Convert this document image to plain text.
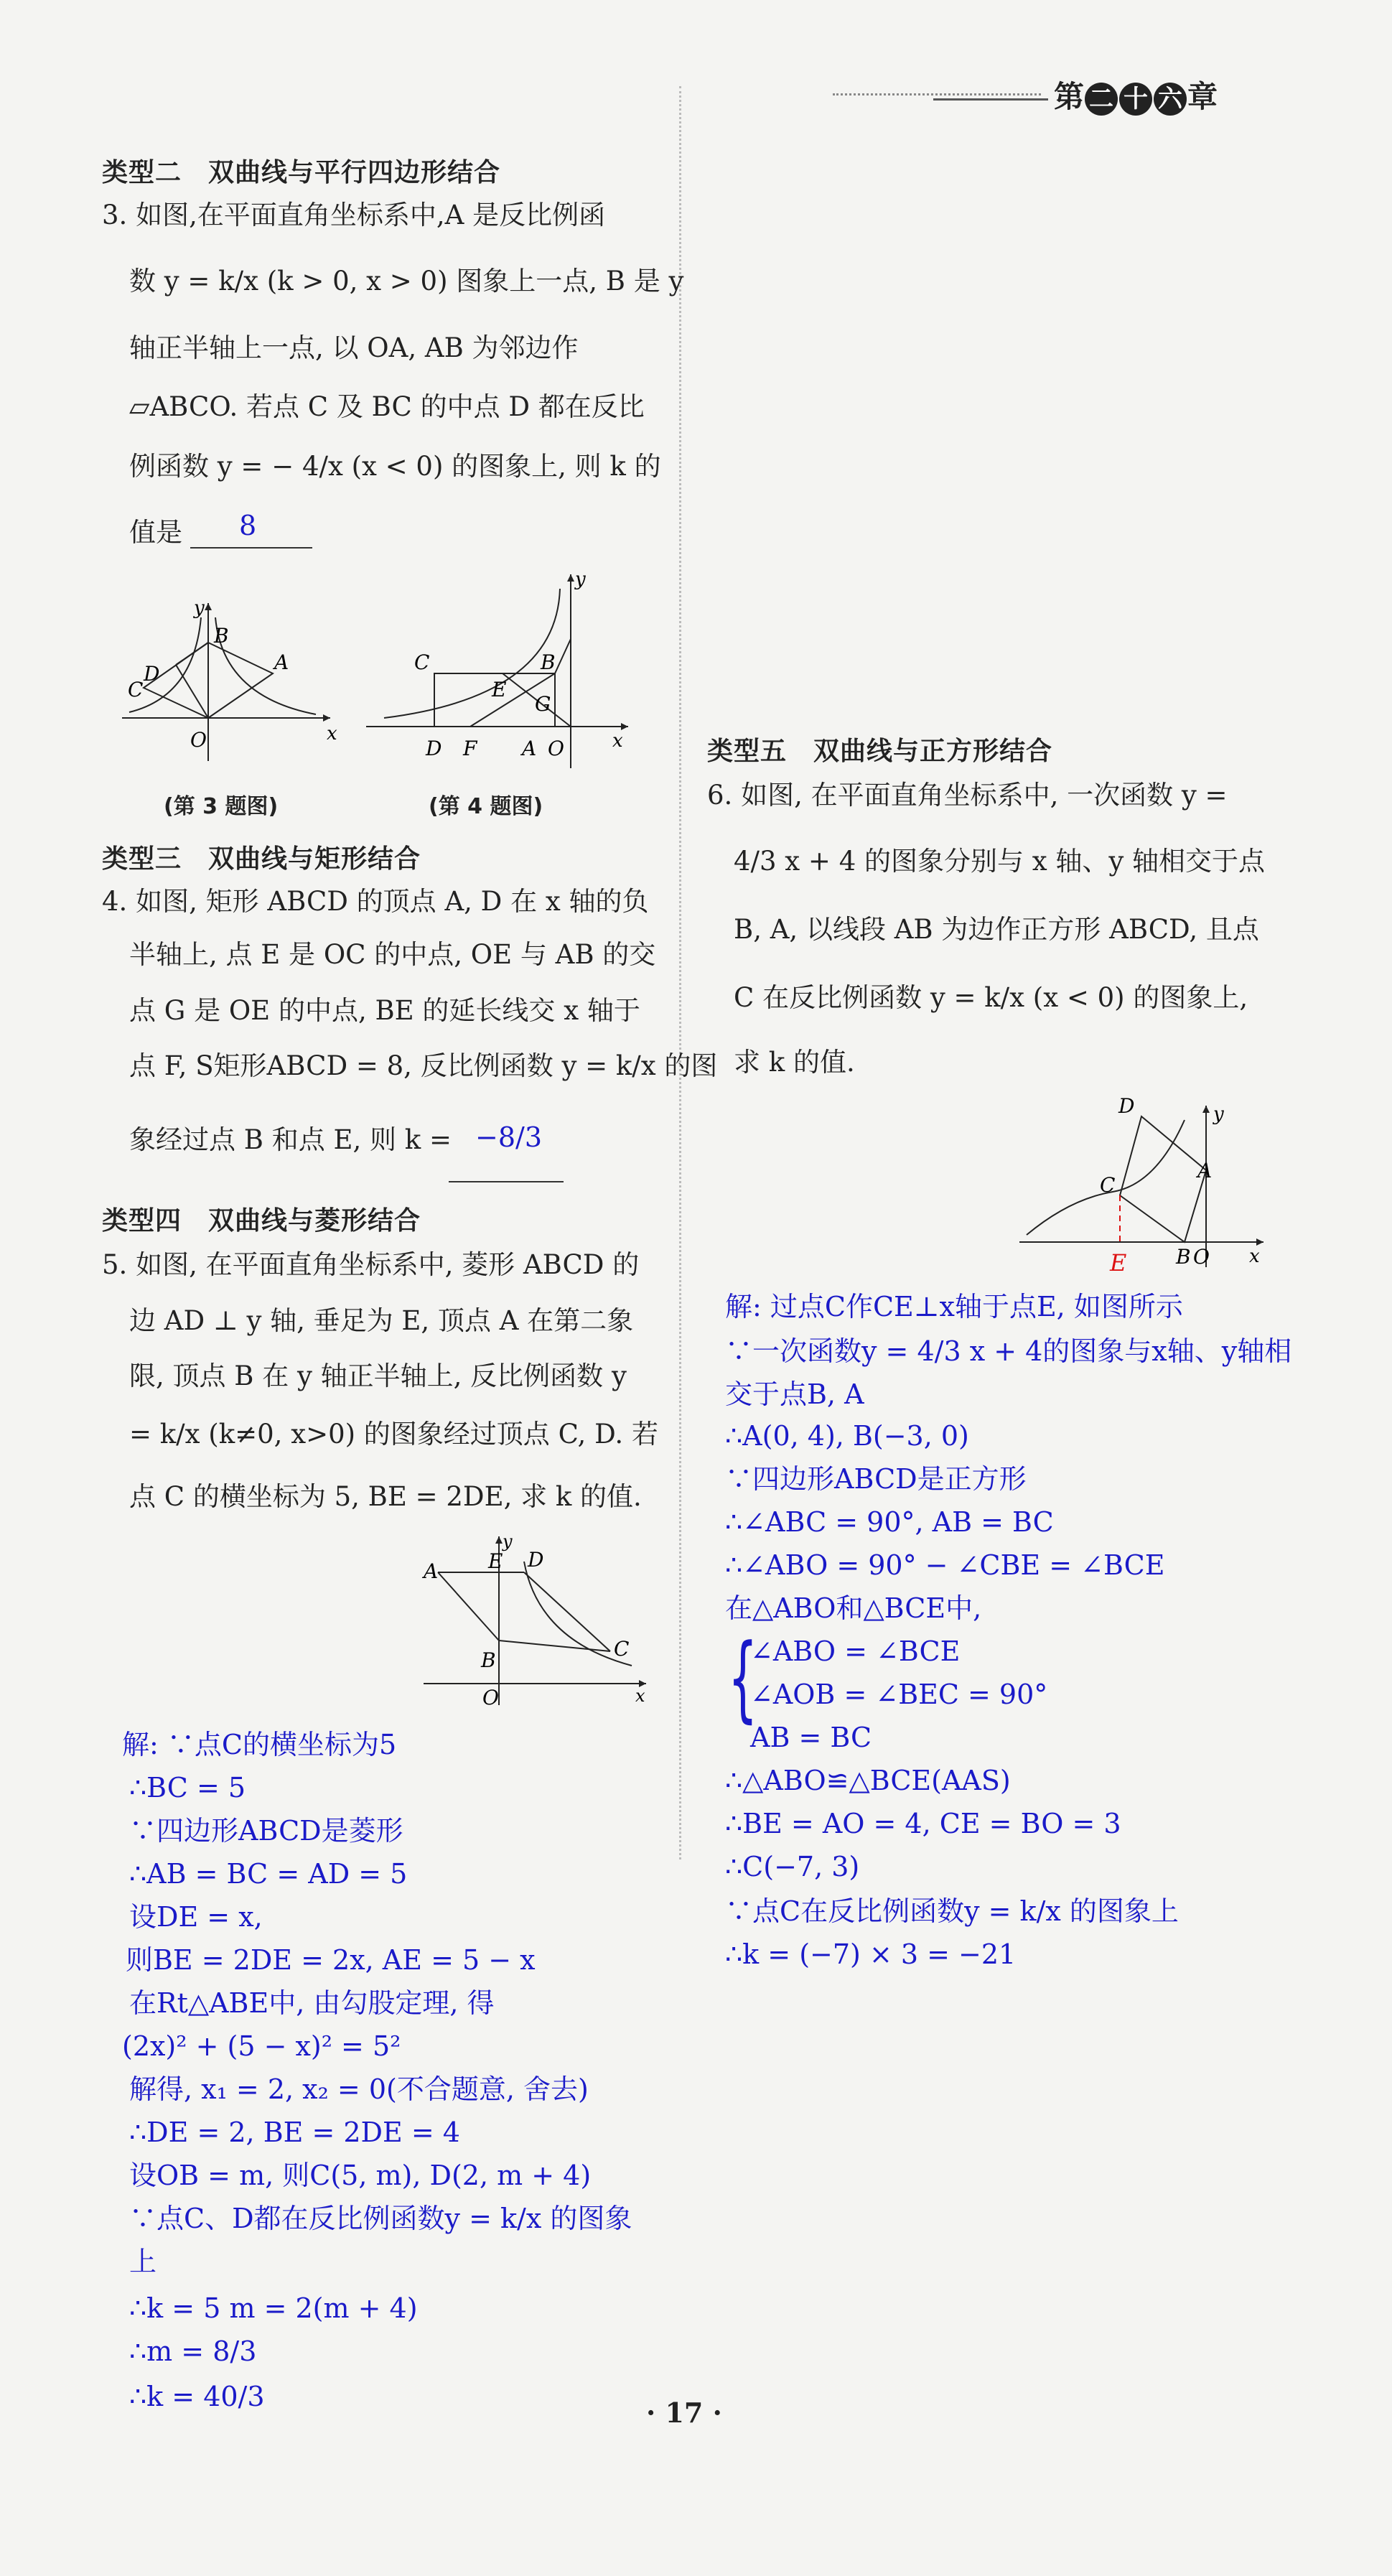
第 二 十 六 章
类型二　双曲线与平行四边形结合
3. 如图,在平面直角坐标系中,A 是反比例函
数 y = k/x (k > 0, x > 0) 图象上一点, B 是 y
轴正半轴上一点, 以 OA, AB 为邻边作
▱ABCO. 若点 C 及 BC 的中点 D 都在反比
例函数 y = − 4/x (x < 0) 的图象上, 则 k 的
值是 8
y
B
A
D
C
O	x
(第 3 题图)
y
C	B
E
G
D F A O	x
(第 4 题图)
类型三　双曲线与矩形结合
4. 如图, 矩形 ABCD 的顶点 A, D 在 x 轴的负
半轴上, 点 E 是 OC 的中点, OE 与 AB 的交
点 G 是 OE 的中点, BE 的延长线交 x 轴于
点 F, S矩形ABCD = 8, 反比例函数 y = k/x 的图
象经过点 B 和点 E, 则 k = −8/3
类型四　双曲线与菱形结合
5. 如图, 在平面直角坐标系中, 菱形 ABCD 的
边 AD ⊥ y 轴, 垂足为 E, 顶点 A 在第二象
限, 顶点 B 在 y 轴正半轴上, 反比例函数 y
= k/x (k≠0, x>0) 的图象经过顶点 C, D. 若
点 C 的横坐标为 5, BE = 2DE, 求 k 的值.
y
A E D
C
B
O	x
解: ∵点C的横坐标为5
∴BC = 5
∵四边形ABCD是菱形
∴AB = BC = AD = 5
设DE = x,
则BE = 2DE = 2x, AE = 5 − x
在Rt△ABE中, 由勾股定理, 得
(2x)² + (5 − x)² = 5²
解得, x₁ = 2, x₂ = 0(不合题意, 舍去)
∴DE = 2, BE = 2DE = 4
设OB = m, 则C(5, m), D(2, m + 4)
∵点C、D都在反比例函数y = k/x 的图象
上
∴k = 5 m = 2(m + 4)
∴m = 8/3
∴k = 40/3
类型五　双曲线与正方形结合
6. 如图, 在平面直角坐标系中, 一次函数 y =
4/3 x + 4 的图象分别与 x 轴、y 轴相交于点
B, A, 以线段 AB 为边作正方形 ABCD, 且点
C 在反比例函数 y = k/x (x < 0) 的图象上,
求 k 的值.
y
D
C
A
B O x
E
解: 过点C作CE⊥x轴于点E, 如图所示
∵一次函数y = 4/3 x + 4的图象与x轴、y轴相
交于点B, A
∴A(0, 4), B(−3, 0)
∵四边形ABCD是正方形
∴∠ABC = 90°, AB = BC
∴∠ABO = 90° − ∠CBE = ∠BCE
在△ABO和△BCE中,
{
∠ABO = ∠BCE
∠AOB = ∠BEC = 90°
AB = BC
∴△ABO≌△BCE(AAS)
∴BE = AO = 4, CE = BO = 3
∴C(−7, 3)
∵点C在反比例函数y = k/x 的图象上
∴k = (−7) × 3 = −21
· 17 ·
